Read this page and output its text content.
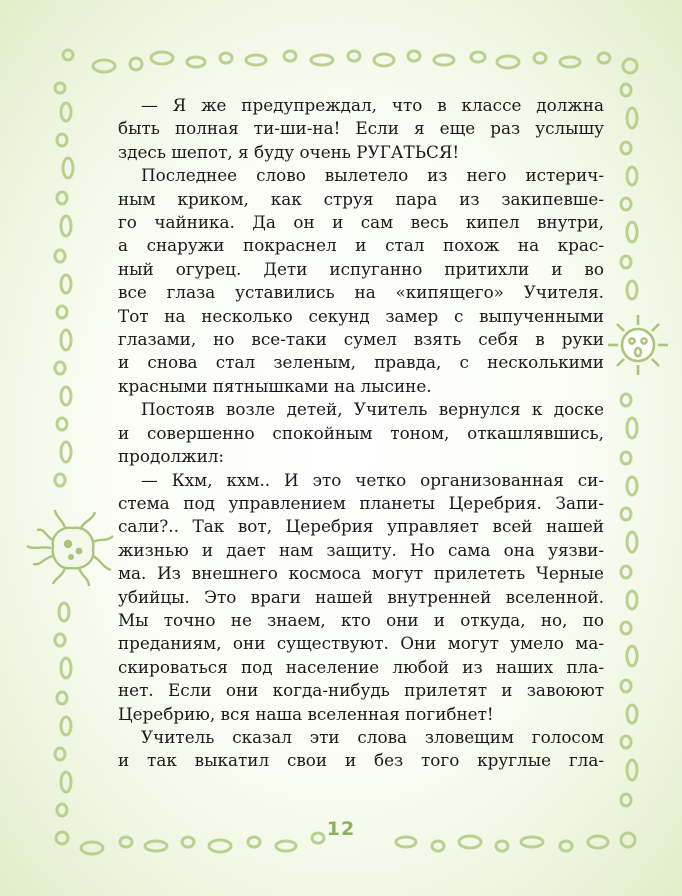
— Я же предупреждал, что в классе должна
быть полная ти-ши-на! Если я еще раз услышу
здесь шепот, я буду очень РУГАТЬСЯ!
Последнее слово вылетело из него истерич-
ным криком, как струя пара из закипевше-
го чайника. Да он и сам весь кипел внутри,
а снаружи покраснел и стал похож на крас-
ный огурец. Дети испуганно притихли и во
все глаза уставились на «кипящего» Учителя.
Тот на несколько секунд замер с выпученными
глазами, но все-таки сумел взять себя в руки
и снова стал зеленым, правда, с несколькими
красными пятнышками на лысине.
Постояв возле детей, Учитель вернулся к доске
и совершенно спокойным тоном, откашлявшись,
продолжил:
— Кхм, кхм.. И это четко организованная си-
стема под управлением планеты Церебрия. Запи-
сали?.. Так вот, Церебрия управляет всей нашей
жизнью и дает нам защиту. Но сама она уязви-
ма. Из внешнего космоса могут прилететь Черные
убийцы. Это враги нашей внутренней вселенной.
Мы точно не знаем, кто они и откуда, но, по
преданиям, они существуют. Они могут умело ма-
скироваться под население любой из наших пла-
нет. Если они когда-нибудь прилетят и завоюют
Церебрию, вся наша вселенная погибнет!
Учитель сказал эти слова зловещим голосом
и так выкатил свои и без того круглые гла-
12
